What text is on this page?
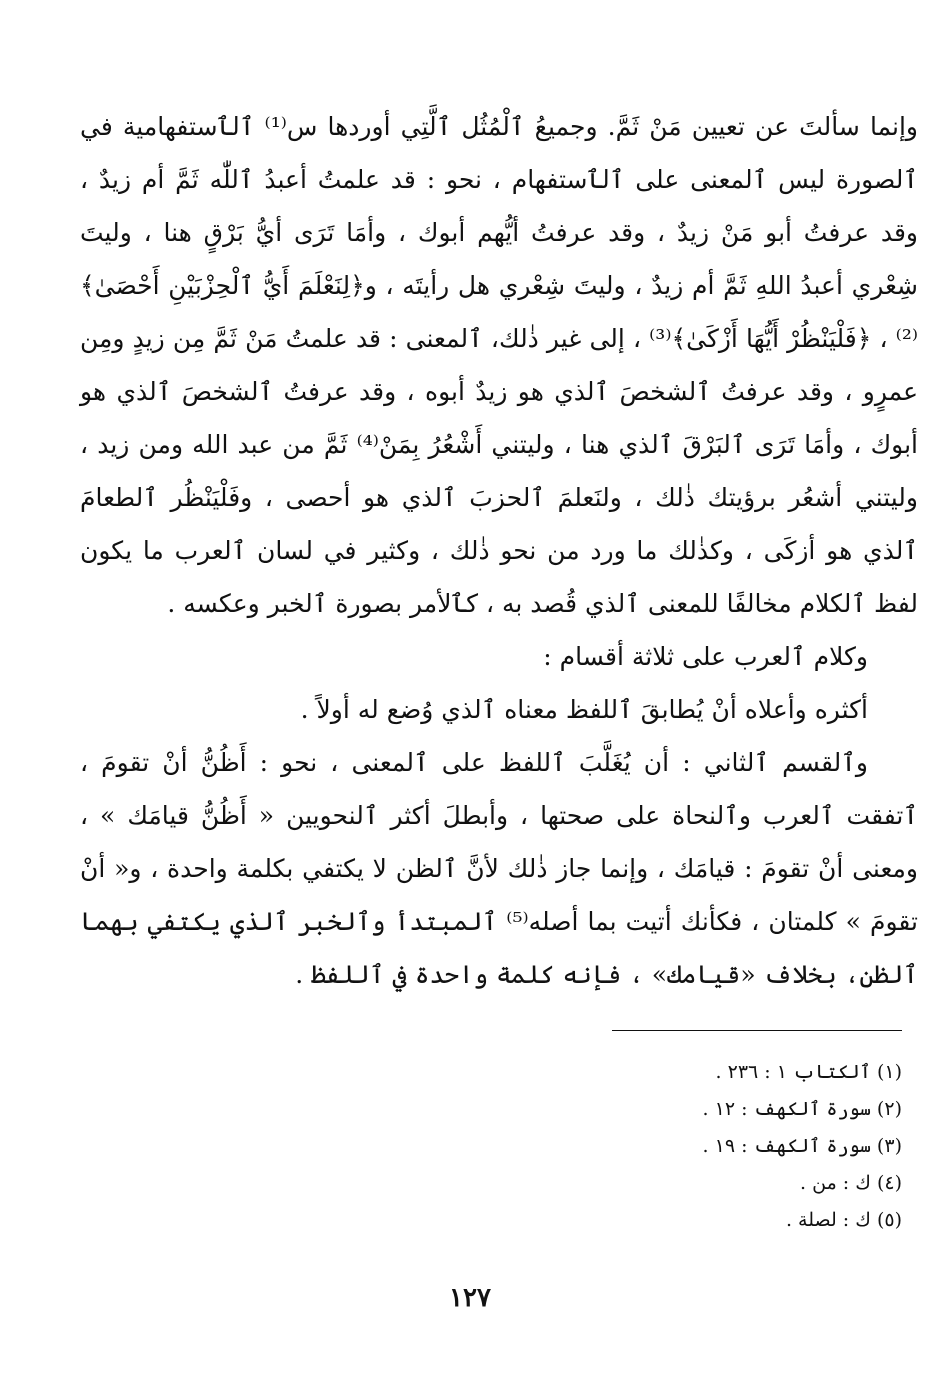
وإنما سألتَ عن تعيين مَنْ ثَمَّ. وجميعُ ٱلْمُثُل ٱلَّتِي أوردها س⁽¹⁾ ٱلٱستفهامية في ٱلصورة ليس ٱلمعنى على ٱلٱستفهام ، نحو : قد علمتُ أعبدُ ٱللّٰه ثَمَّ أم زيدٌ ، وقد عرفتُ أبو مَنْ زيدٌ ، وقد عرفتُ أيُّهم أبوك ، وأمَا تَرَى أيُّ بَرْقٍ هنا ، وليتَ شِعْري أعبدُ اللهِ ثَمَّ أم زيدٌ ، وليتَ شِعْري هل رأيتَه ، و﴿لِنَعْلَمَ أَيُّ ٱلْحِزْبَيْنِ أَحْصَىٰ﴾⁽²⁾ ، ﴿فَلْيَنْظُرْ أَيُّهَا أَزْكَىٰ﴾⁽³⁾ ، إلى غير ذٰلك، ٱلمعنى : قد علمتُ مَنْ ثَمَّ مِن زيدٍ ومِن عمرٍو ، وقد عرفتُ ٱلشخصَ ٱلذي هو زيدٌ أبوه ، وقد عرفتُ ٱلشخصَ ٱلذي هو أبوك ، وأمَا تَرَى ٱلبَرْقَ ٱلذي هنا ، وليتني أَشْعُرُ بِمَنْ⁽⁴⁾ ثَمَّ من عبد الله ومن زيد ، وليتني أشعُر برؤيتك ذٰلك ، ولنَعلمَ ٱلحزبَ ٱلذي هو أحصى ، وفَلْيَنْظُر ٱلطعامَ ٱلذي هو أزكَى ، وكذٰلك ما ورد من نحو ذٰلك ، وكثير في لسان ٱلعرب ما يكون لفظ ٱلكلام مخالفًا للمعنى ٱلذي قُصد به ، كٱلأمر بصورة ٱلخبر وعكسه .

وكلام ٱلعرب على ثلاثة أقسام :

أكثره وأعلاه أنْ يُطابقَ ٱللفظ معناه ٱلذي وُضع له أولاً .

وٱلقسم ٱلثاني : أن يُغَلَّبَ ٱللفظ على ٱلمعنى ، نحو : أَظُنُّ أنْ تقومَ ، ٱتفقت ٱلعرب وٱلنحاة على صحتها ، وأبطلَ أكثر ٱلنحويين « أَظُنُّ قيامَك » ، ومعنى أنْ تقومَ : قيامَك ، وإنما جاز ذٰلك لأنَّ ٱلظن لا يكتفي بكلمة واحدة ، و« أنْ تقومَ » كلمتان ، فكأنك أتيت بما أصله⁽⁵⁾ ٱلمبتدأ وٱلخبر ٱلذي يكتفي بهما ٱلظن، بخلاف «قيامك» ، فإنه كلمة واحدة في ٱللفظ .

(١) ٱلكتاب ١ : ٢٣٦ .

(٢) سورة ٱلكهف : ١٢ .

(٣) سورة ٱلكهف : ١٩ .

(٤) ك : من .

(٥) ك : لصلة .

١٢٧
